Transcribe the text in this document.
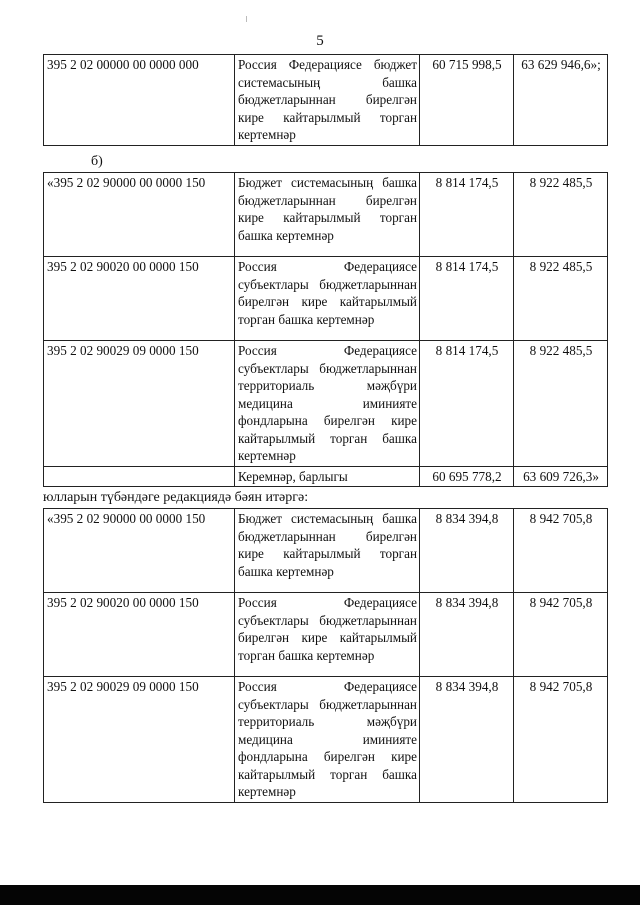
5
395 2 02 00000 00 0000 000	Россия Федерациясе бюджет системасының башка бюджетларыннан бирелгән кире кайтарылмый торган кертемнәр	60 715 998,5	63 629 946,6»;
б)
«395 2 02 90000 00 0000 150	Бюджет системасының башка бюджетларыннан бирелгән кире кайтарылмый торган башка кертемнәр	8 814 174,5	8 922 485,5
395 2 02 90020 00 0000 150	Россия Федерациясе субъектлары бюджетларыннан бирелгән кире кайтарылмый торган башка кертемнәр	8 814 174,5	8 922 485,5
395 2 02 90029 09 0000 150	Россия Федерациясе субъектлары бюджетларыннан территориаль мәҗбүри медицина иминияте фондларына бирелгән кире кайтарылмый торган башка кертемнәр	8 814 174,5	8 922 485,5
	Керемнәр, барлыгы	60 695 778,2	63 609 726,3»
юлларын түбәндәге редакциядә бәян итәргә:
«395 2 02 90000 00 0000 150	Бюджет системасының башка бюджетларыннан бирелгән кире кайтарылмый торган башка кертемнәр	8 834 394,8	8 942 705,8
395 2 02 90020 00 0000 150	Россия Федерациясе субъектлары бюджетларыннан бирелгән кире кайтарылмый торган башка кертемнәр	8 834 394,8	8 942 705,8
395 2 02 90029 09 0000 150	Россия Федерациясе субъектлары бюджетларыннан территориаль мәҗбүри медицина иминияте фондларына бирелгән кире кайтарылмый торган башка кертемнәр	8 834 394,8	8 942 705,8
